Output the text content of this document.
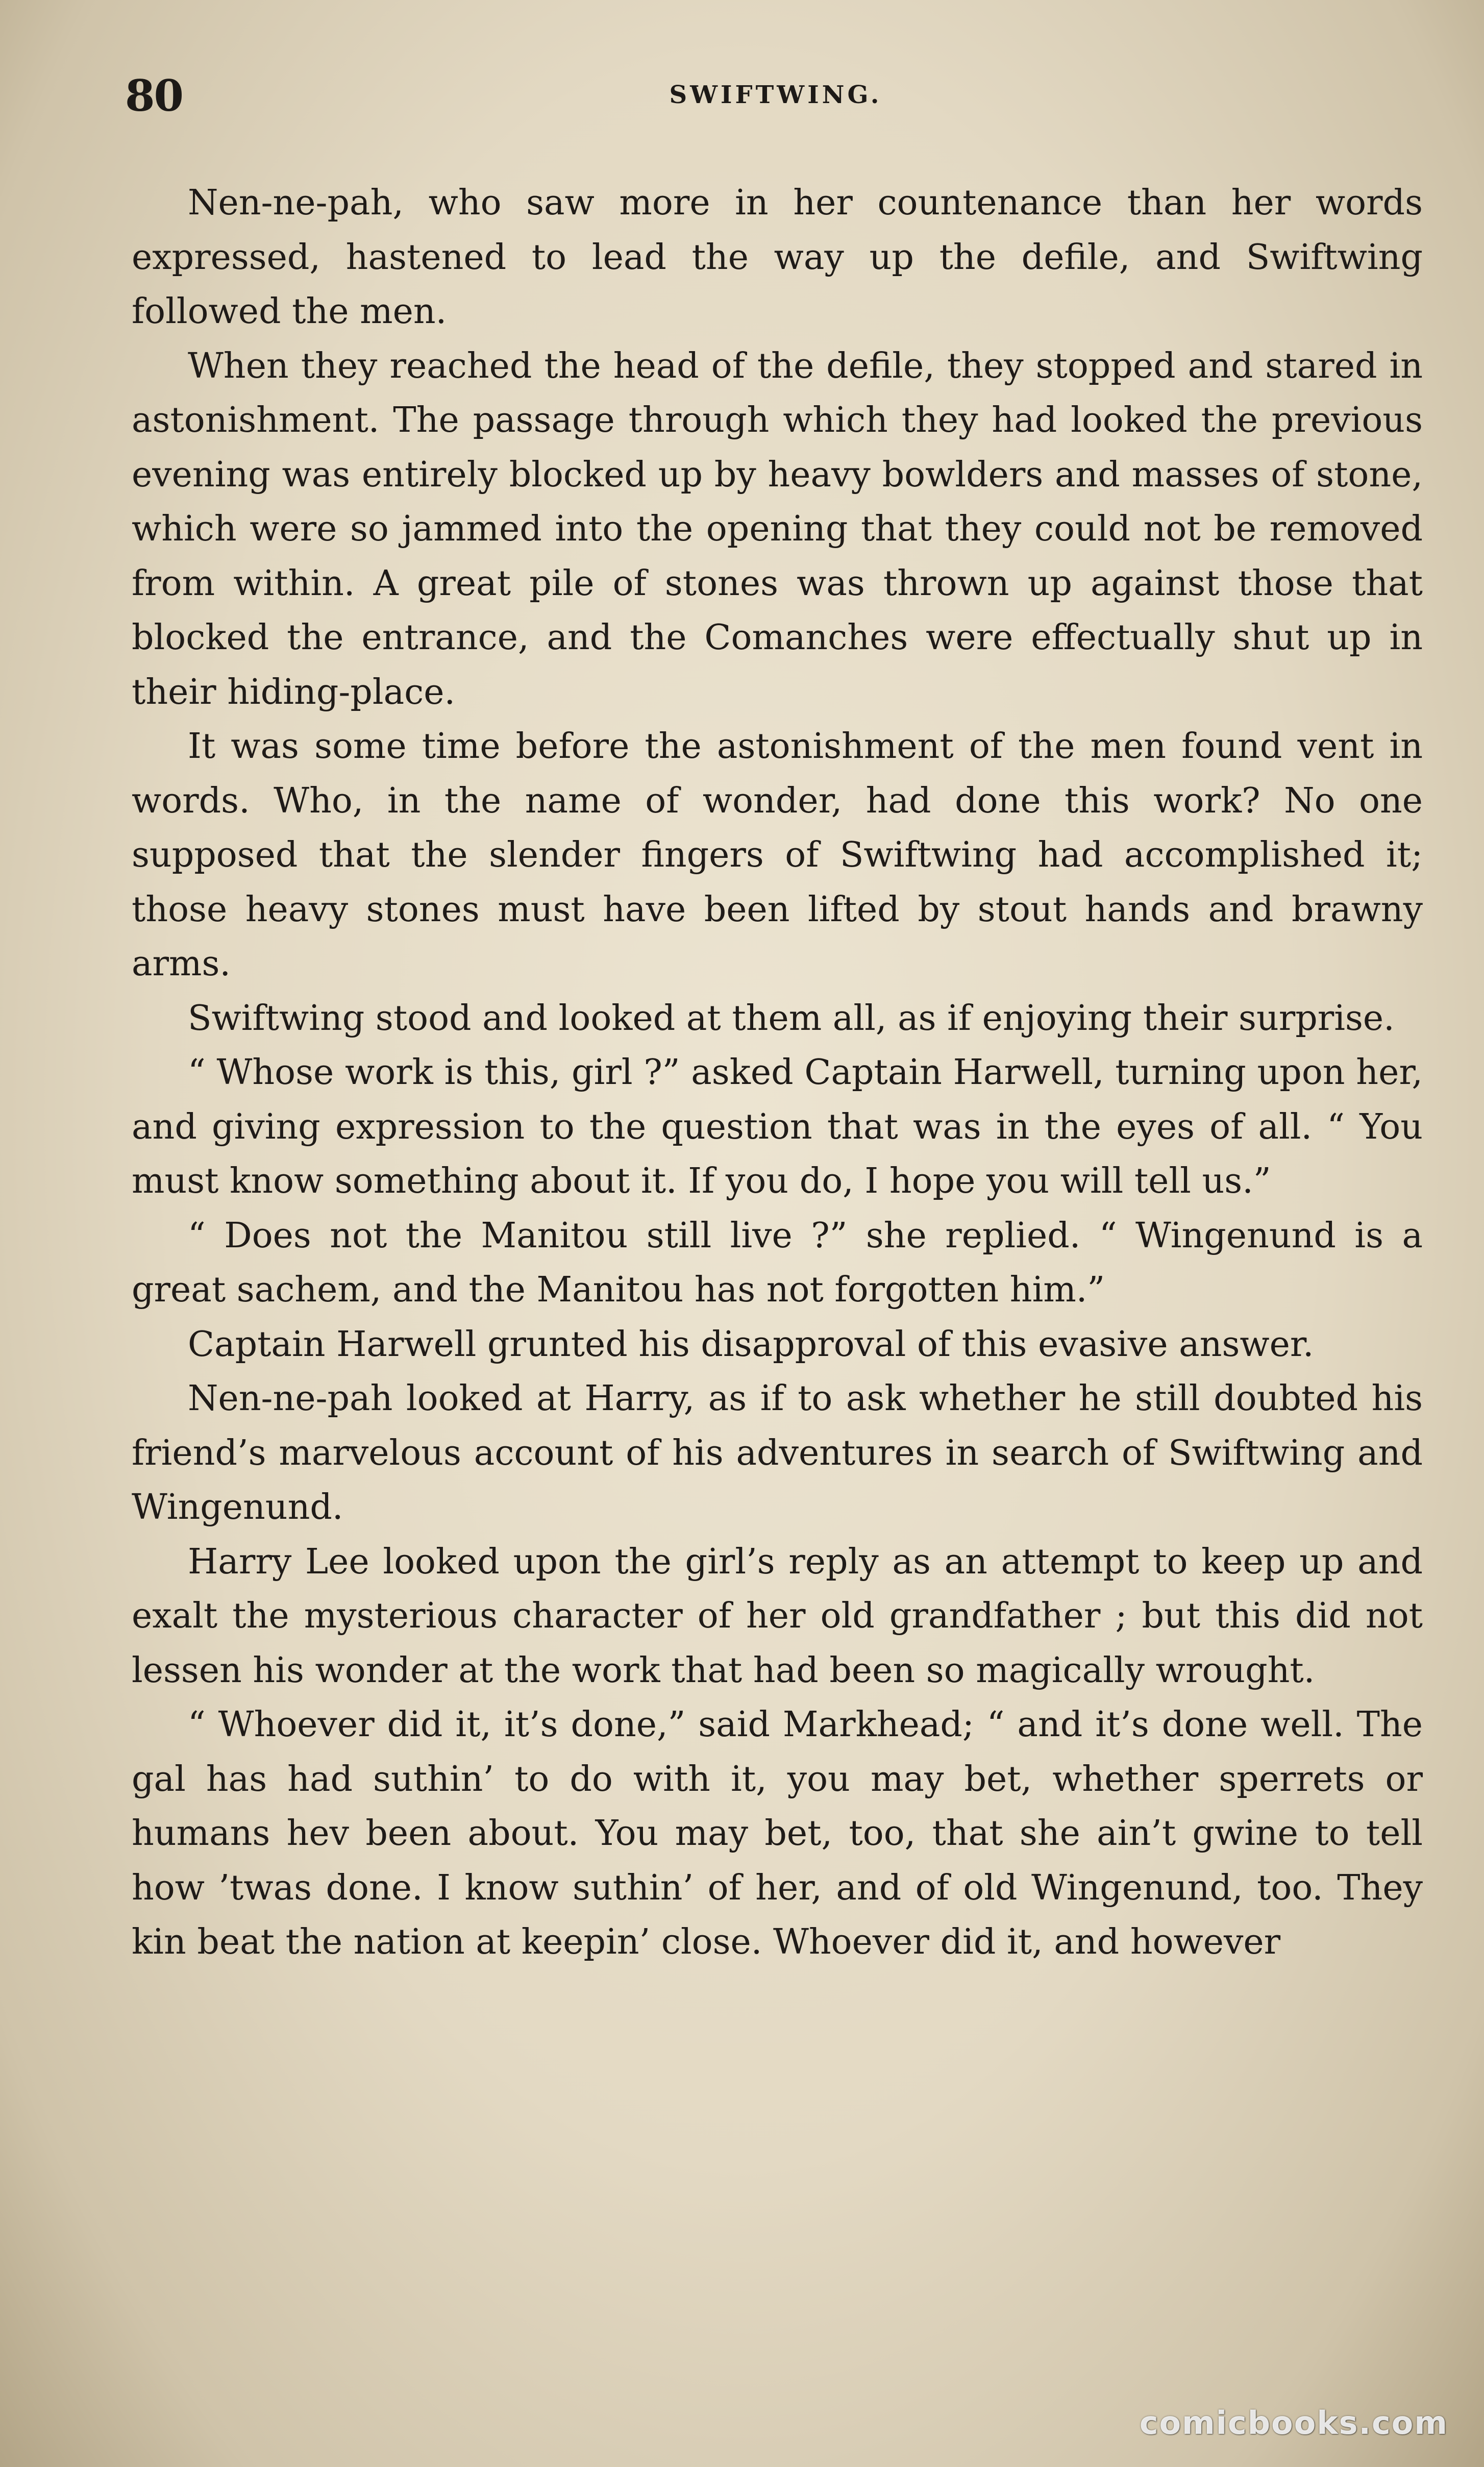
80	SWIFTWING.

Nen-ne-pah, who saw more in her countenance than her words expressed, hastened to lead the way up the defile, and Swiftwing followed the men.

When they reached the head of the defile, they stopped and stared in astonishment. The passage through which they had looked the previous evening was entirely blocked up by heavy bowlders and masses of stone, which were so jammed into the opening that they could not be removed from within. A great pile of stones was thrown up against those that blocked the entrance, and the Comanches were effectually shut up in their hiding-place.

It was some time before the astonishment of the men found vent in words. Who, in the name of wonder, had done this work? No one supposed that the slender fingers of Swiftwing had accomplished it; those heavy stones must have been lifted by stout hands and brawny arms.

Swiftwing stood and looked at them all, as if enjoying their surprise.

“ Whose work is this, girl ?” asked Captain Harwell, turning upon her, and giving expression to the question that was in the eyes of all. “ You must know something about it. If you do, I hope you will tell us.”

“ Does not the Manitou still live ?” she replied. “ Wingenund is a great sachem, and the Manitou has not forgotten him.”

Captain Harwell grunted his disapproval of this evasive answer.

Nen-ne-pah looked at Harry, as if to ask whether he still doubted his friend’s marvelous account of his adventures in search of Swiftwing and Wingenund.

Harry Lee looked upon the girl’s reply as an attempt to keep up and exalt the mysterious character of her old grandfather ; but this did not lessen his wonder at the work that had been so magically wrought.

“ Whoever did it, it’s done,” said Markhead; “ and it’s done well. The gal has had suthin’ to do with it, you may bet, whether sperrets or humans hev been about. You may bet, too, that she ain’t gwine to tell how ’twas done. I know suthin’ of her, and of old Wingenund, too. They kin beat the nation at keepin’ close. Whoever did it, and however

comicbooks.com
